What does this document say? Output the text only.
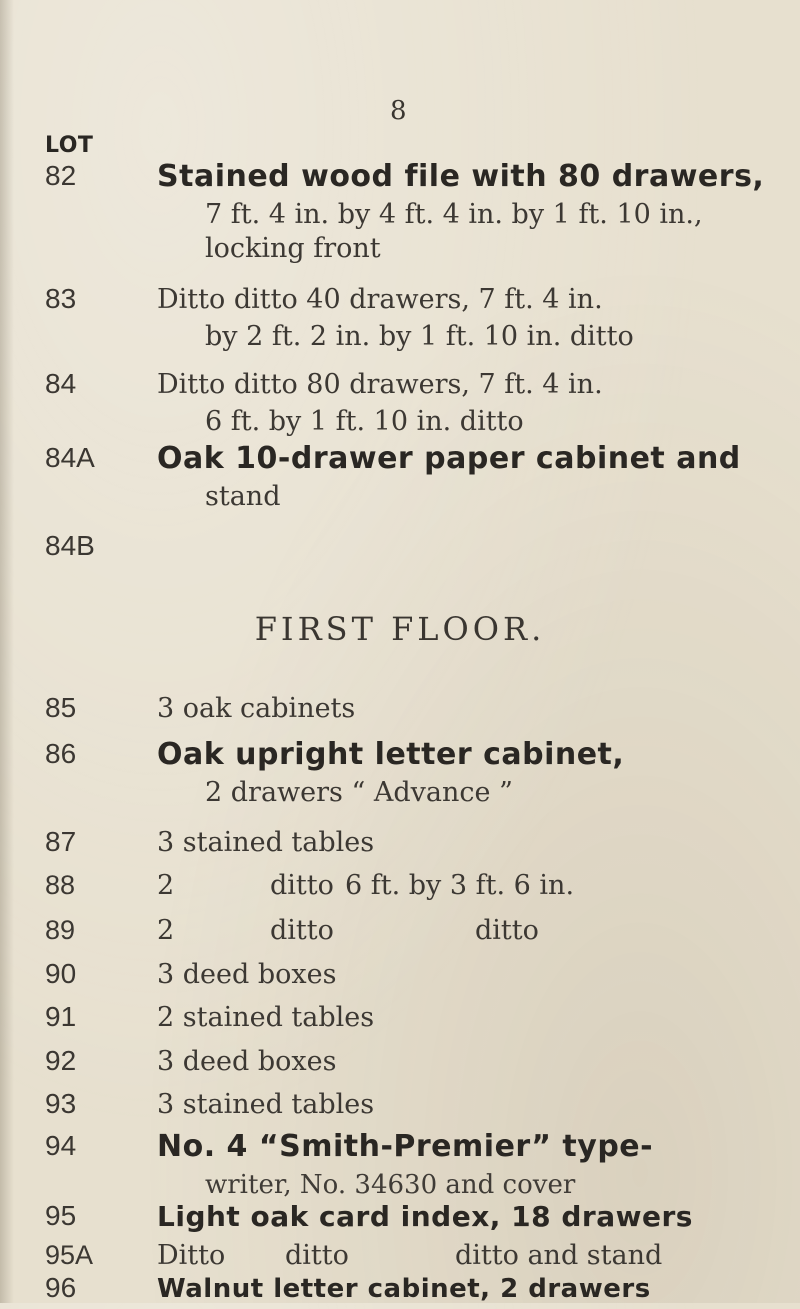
8
LOT
82	Stained wood file with 80 drawers,
7 ft. 4 in. by 4 ft. 4 in. by 1 ft. 10 in.,
locking front
83	Ditto ditto 40 drawers, 7 ft. 4 in.
by 2 ft. 2 in. by 1 ft. 10 in. ditto
84	Ditto ditto 80 drawers, 7 ft. 4 in.
6 ft. by 1 ft. 10 in. ditto
84A Oak 10-drawer paper cabinet and
stand
84B
FIRST FLOOR.
85	3 oak cabinets
86	Oak upright letter cabinet,
2 drawers “ Advance ”
87	3 stained tables
88	2	ditto 6 ft. by 3 ft. 6 in.
89	2	ditto	ditto
90	3 deed boxes
91	2 stained tables
92	3 deed boxes
93	3 stained tables
94	No. 4 “Smith-Premier” type-
writer, No. 34630 and cover
95	Light oak card index, 18 drawers
95A Ditto ditto	ditto and stand
96	Walnut letter cabinet, 2 drawers
